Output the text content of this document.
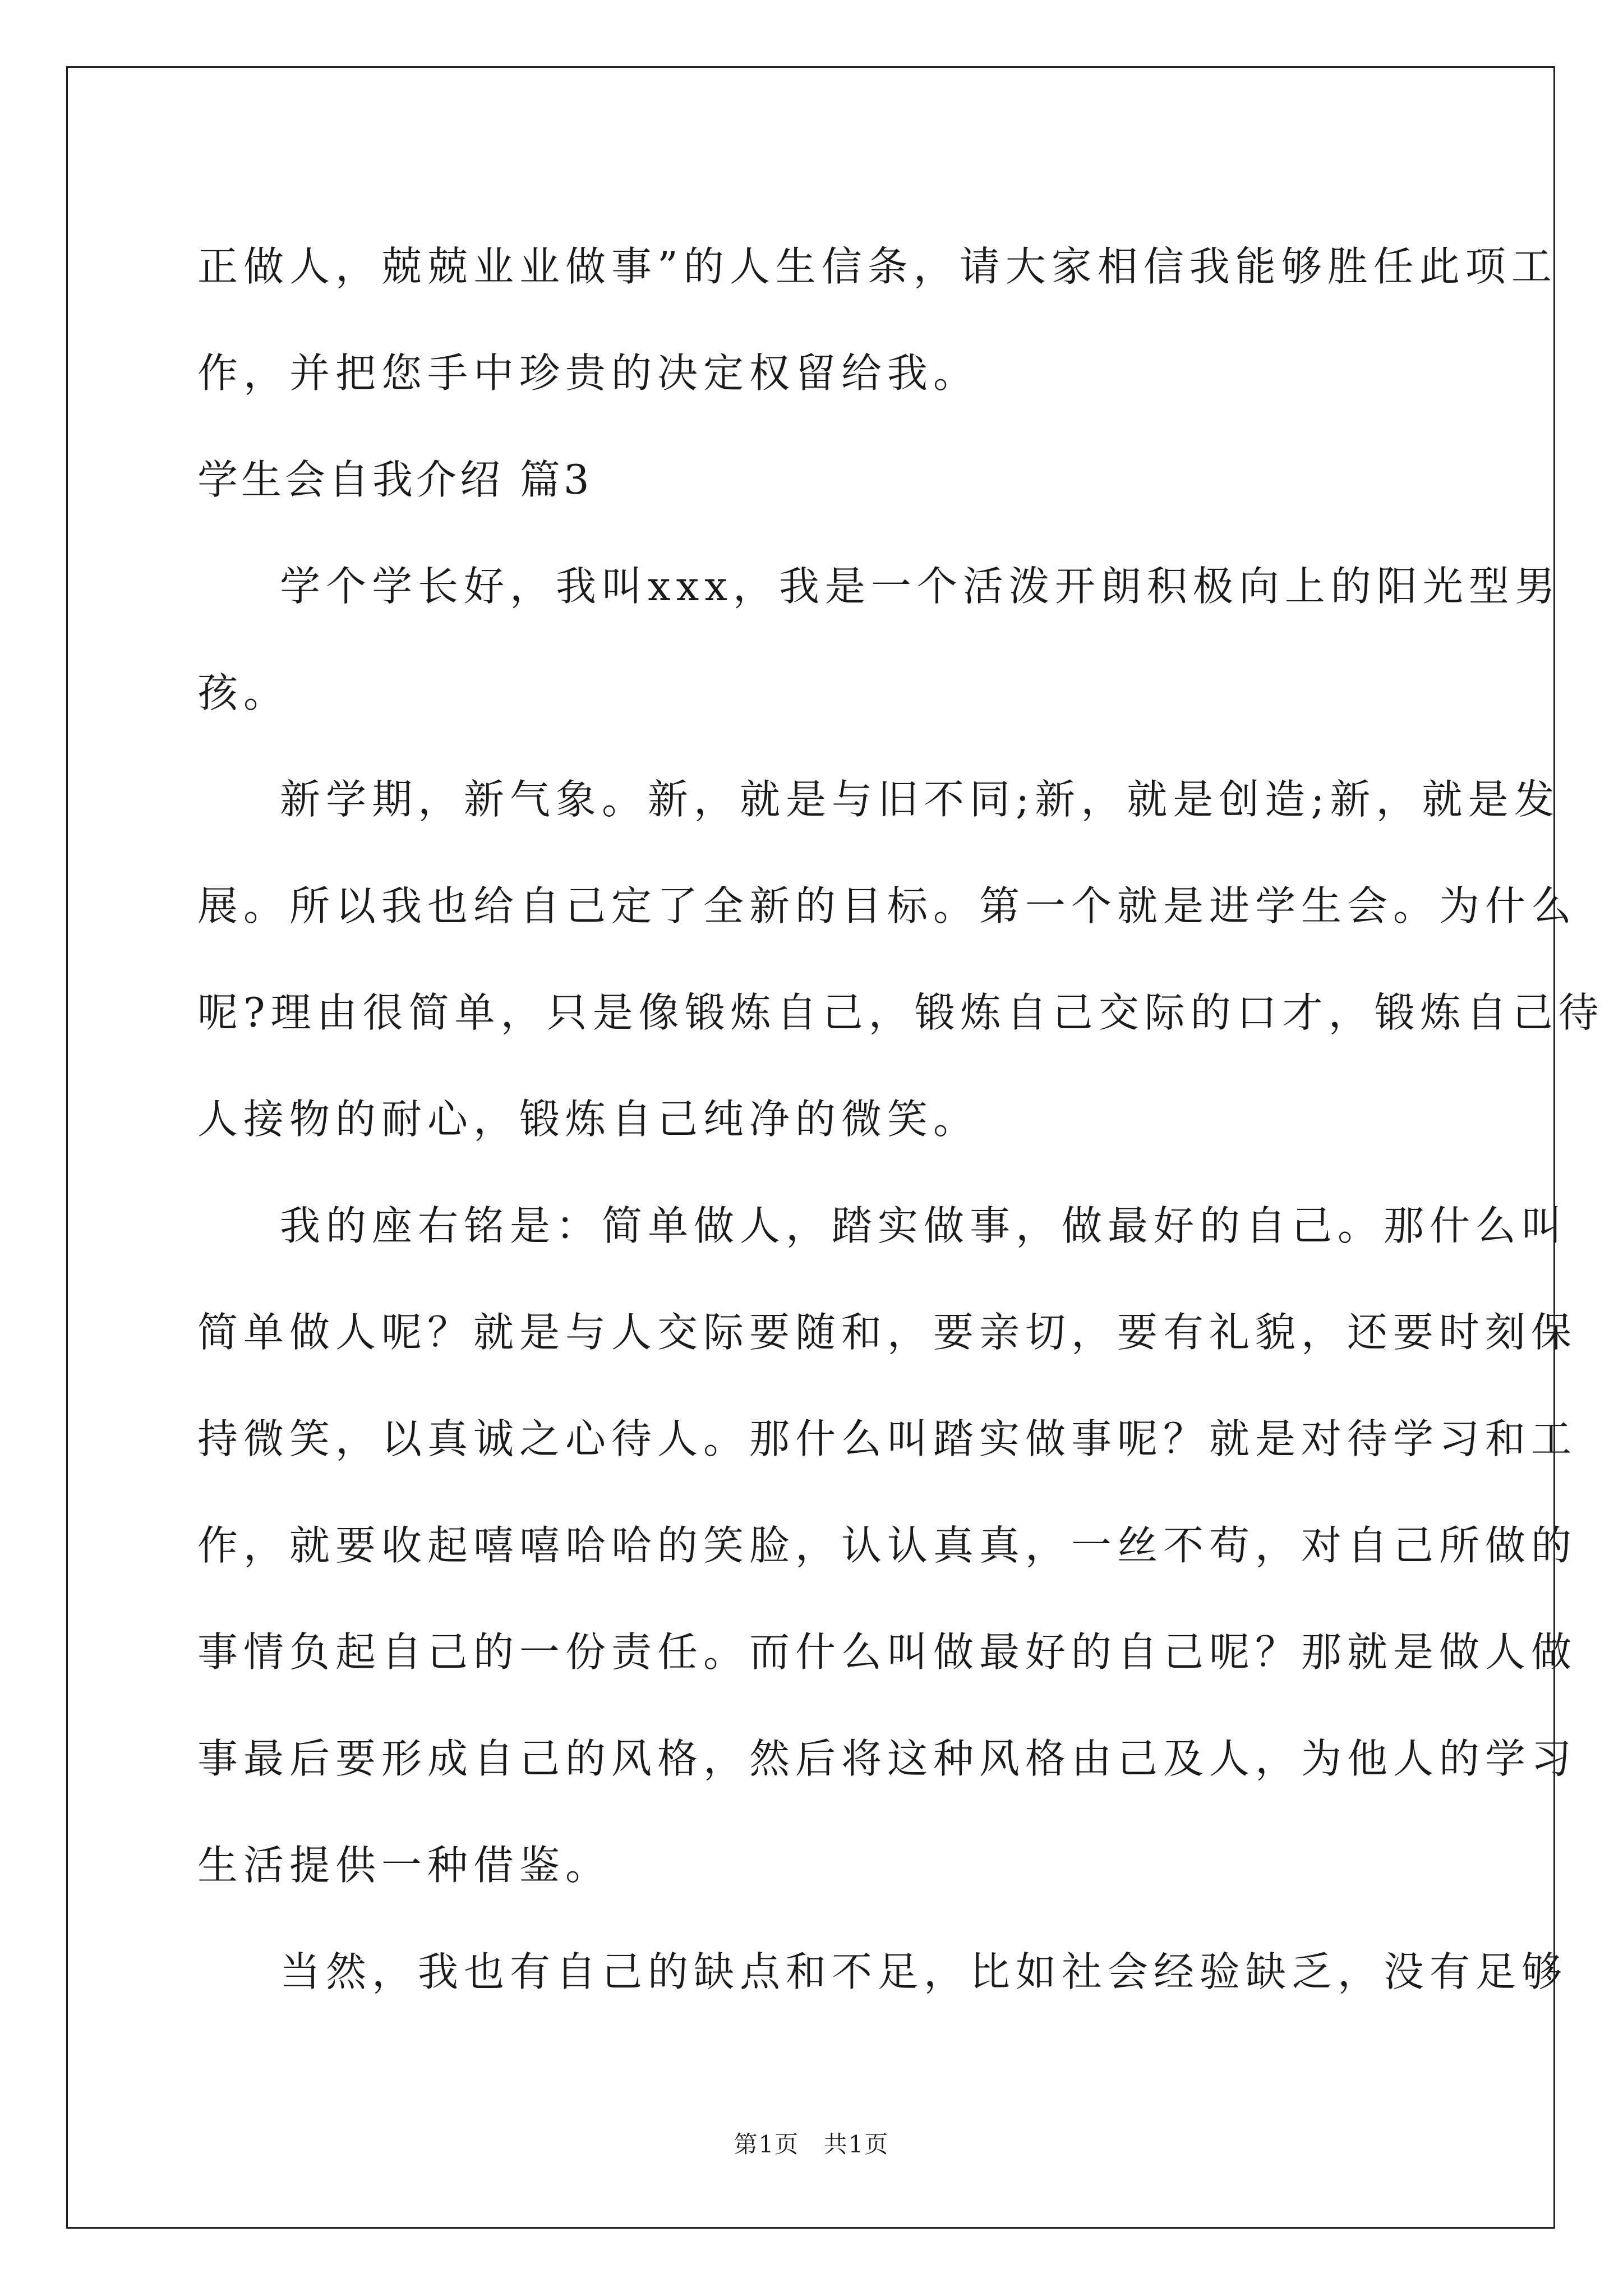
正做人，兢兢业业做事”的人生信条，请大家相信我能够胜任此项工
作，并把您手中珍贵的决定权留给我。
学生会自我介绍 篇3
学个学长好，我叫xxx，我是一个活泼开朗积极向上的阳光型男
孩。
新学期，新气象。新，就是与旧不同;新，就是创造;新，就是发
展。所以我也给自己定了全新的目标。第一个就是进学生会。为什么
呢?理由很简单，只是像锻炼自己，锻炼自己交际的口才，锻炼自己待
人接物的耐心，锻炼自己纯净的微笑。
我的座右铭是：简单做人，踏实做事，做最好的自己。那什么叫
简单做人呢？就是与人交际要随和，要亲切，要有礼貌，还要时刻保
持微笑，以真诚之心待人。那什么叫踏实做事呢？就是对待学习和工
作，就要收起嘻嘻哈哈的笑脸，认认真真，一丝不苟，对自己所做的
事情负起自己的一份责任。而什么叫做最好的自己呢？那就是做人做
事最后要形成自己的风格，然后将这种风格由己及人，为他人的学习
生活提供一种借鉴。
当然，我也有自己的缺点和不足，比如社会经验缺乏，没有足够
第1页 共1页
